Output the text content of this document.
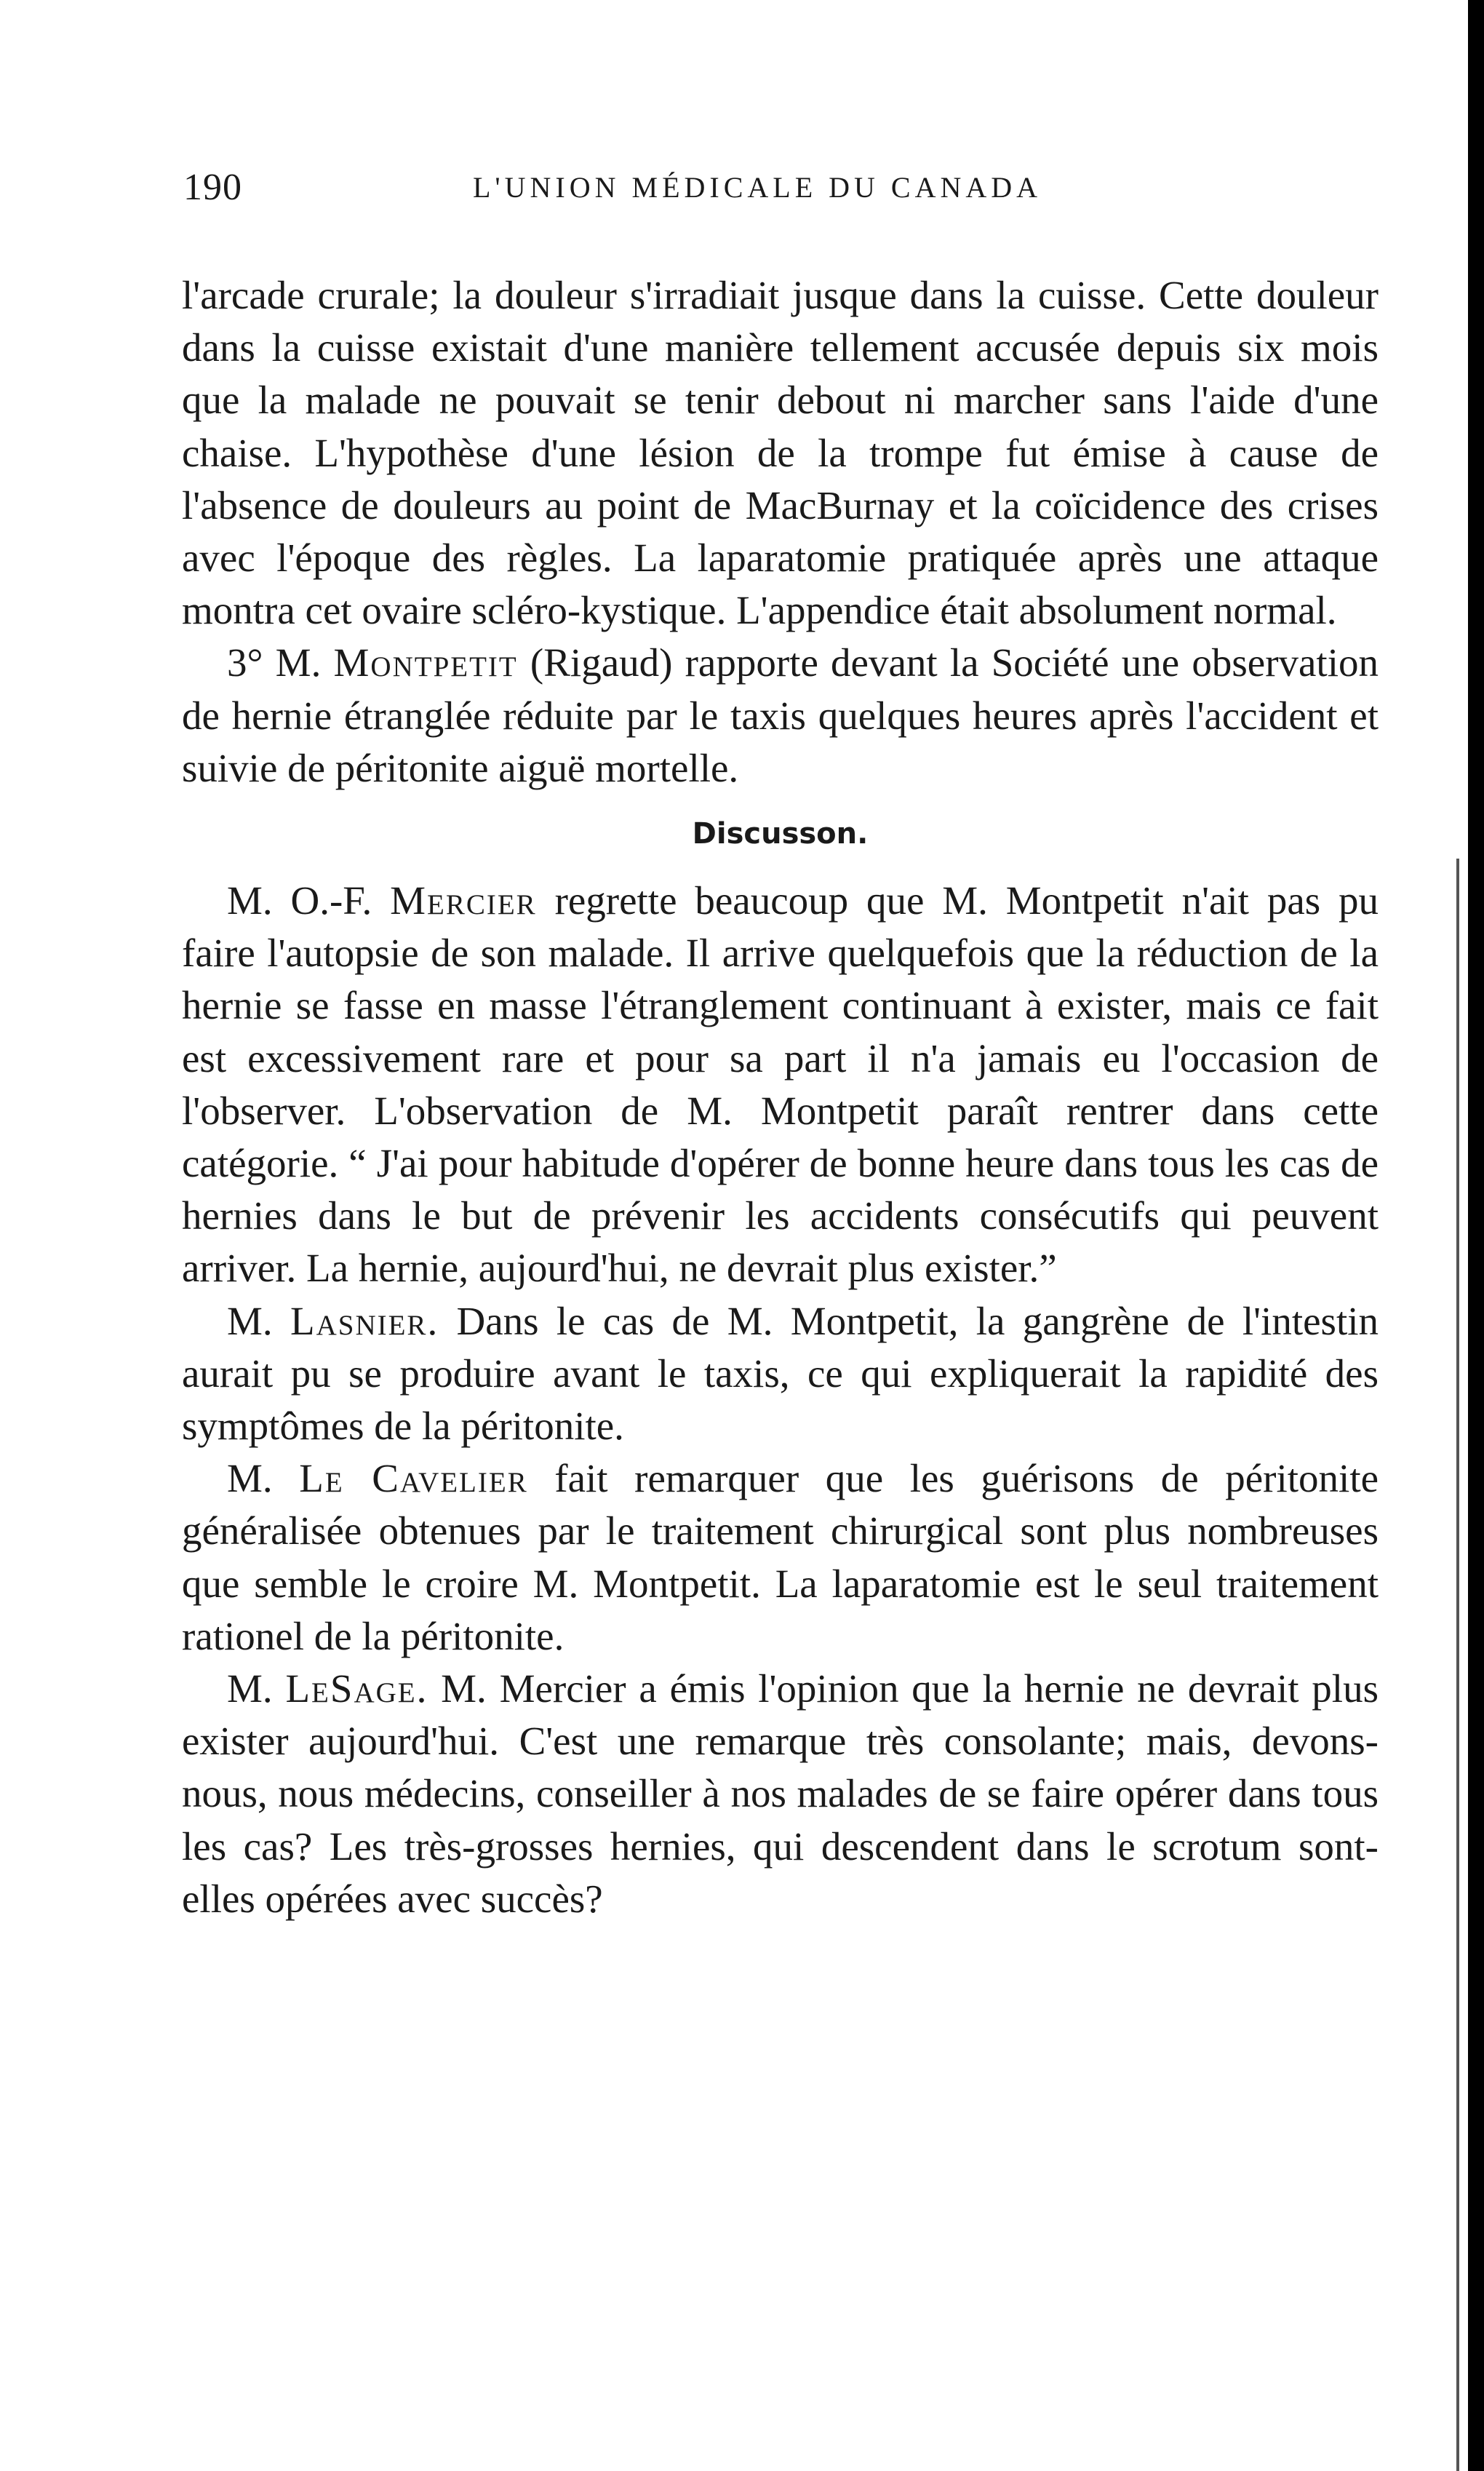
190	L'UNION MÉDICALE DU CANADA

l'arcade crurale; la douleur s'irradiait jusque dans la cuisse. Cette douleur dans la cuisse existait d'une manière tellement accusée depuis six mois que la malade ne pouvait se tenir debout ni marcher sans l'aide d'une chaise. L'hypothèse d'une lésion de la trompe fut émise à cause de l'absence de douleurs au point de MacBurnay et la coïcidence des crises avec l'époque des règles. La laparatomie pratiquée après une attaque montra cet ovaire scléro-kystique. L'appendice était absolument normal.

3° M. Montpetit (Rigaud) rapporte devant la Société une observation de hernie étranglée réduite par le taxis quelques heures après l'accident et suivie de péritonite aiguë mortelle.

Discusson.

M. O.-F. Mercier regrette beaucoup que M. Montpetit n'ait pas pu faire l'autopsie de son malade. Il arrive quelquefois que la réduction de la hernie se fasse en masse l'étranglement continuant à exister, mais ce fait est excessivement rare et pour sa part il n'a jamais eu l'occasion de l'observer. L'observation de M. Montpetit paraît rentrer dans cette catégorie. “ J'ai pour habitude d'opérer de bonne heure dans tous les cas de hernies dans le but de prévenir les accidents consécutifs qui peuvent arriver. La hernie, aujourd'hui, ne devrait plus exister.”

M. Lasnier. Dans le cas de M. Montpetit, la gangrène de l'intestin aurait pu se produire avant le taxis, ce qui expliquerait la rapidité des symptômes de la péritonite.

M. Le Cavelier fait remarquer que les guérisons de péritonite généralisée obtenues par le traitement chirurgical sont plus nombreuses que semble le croire M. Montpetit. La laparatomie est le seul traitement rationel de la péritonite.

M. LeSage. M. Mercier a émis l'opinion que la hernie ne devrait plus exister aujourd'hui. C'est une remarque très consolante; mais, devons-nous, nous médecins, conseiller à nos malades de se faire opérer dans tous les cas? Les très-grosses hernies, qui descendent dans le scrotum sont-elles opérées avec succès?
